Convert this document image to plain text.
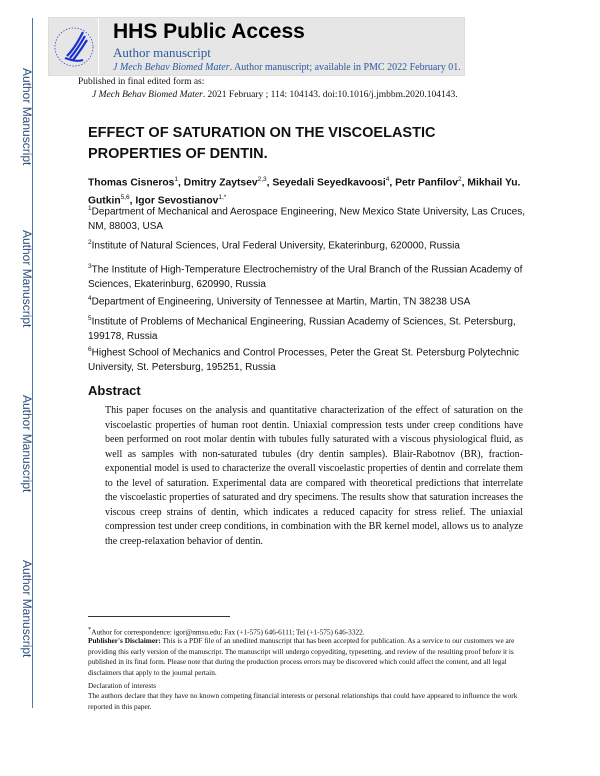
Author Manuscript
Author Manuscript
Author Manuscript
Author Manuscript
HHS Public Access
Author manuscript
J Mech Behav Biomed Mater. Author manuscript; available in PMC 2022 February 01.
Published in final edited form as:
J Mech Behav Biomed Mater. 2021 February ; 114: 104143. doi:10.1016/j.jmbbm.2020.104143.
EFFECT OF SATURATION ON THE VISCOELASTIC PROPERTIES OF DENTIN.
Thomas Cisneros$^1$, Dmitry Zaytsev$^{2,3}$, Seyedali Seyedkavoosi$^4$, Petr Panfilov$^2$, Mikhail Yu. Gutkin$^{5,6}$, Igor Sevostianov$^{1,*}$
$^1$Department of Mechanical and Aerospace Engineering, New Mexico State University, Las Cruces, NM, 88003, USA
$^2$Institute of Natural Sciences, Ural Federal University, Ekaterinburg, 620000, Russia
$^3$The Institute of High-Temperature Electrochemistry of the Ural Branch of the Russian Academy of Sciences, Ekaterinburg, 620990, Russia
$^4$Department of Engineering, University of Tennessee at Martin, Martin, TN 38238 USA
$^5$Institute of Problems of Mechanical Engineering, Russian Academy of Sciences, St. Petersburg, 199178, Russia
$^6$Highest School of Mechanics and Control Processes, Peter the Great St. Petersburg Polytechnic University, St. Petersburg, 195251, Russia
Abstract
This paper focuses on the analysis and quantitative characterization of the effect of saturation on the viscoelastic properties of human root dentin. Uniaxial compression tests under creep conditions have been performed on root molar dentin with tubules fully saturated with a viscous physiological fluid, as well as samples with non-saturated tubules (dry dentin samples). Blair-Rabotnov (BR), fraction-exponential model is used to characterize the overall viscoelastic properties of dentin and correlate them to the level of saturation. Experimental data are compared with theoretical predictions that interrelate the viscoelastic properties of saturated and dry specimens. The results show that saturation increases the viscous creep strains of dentin, which indicates a reduced capacity for stress relief. The uniaxial compression test under creep conditions, in combination with the BR kernel model, allows us to analyze the creep-relaxation behavior of dentin.
*Author for correspondence: igor@nmsu.edu; Fax (+1-575) 646-6111; Tel (+1-575) 646-3322.
Publisher's Disclaimer: This is a PDF file of an unedited manuscript that has been accepted for publication. As a service to our customers we are providing this early version of the manuscript. The manuscript will undergo copyediting, typesetting, and review of the resulting proof before it is published in its final form. Please note that during the production process errors may be discovered which could affect the content, and all legal disclaimers that apply to the journal pertain.
Declaration of interests
The authors declare that they have no known competing financial interests or personal relationships that could have appeared to influence the work reported in this paper.
